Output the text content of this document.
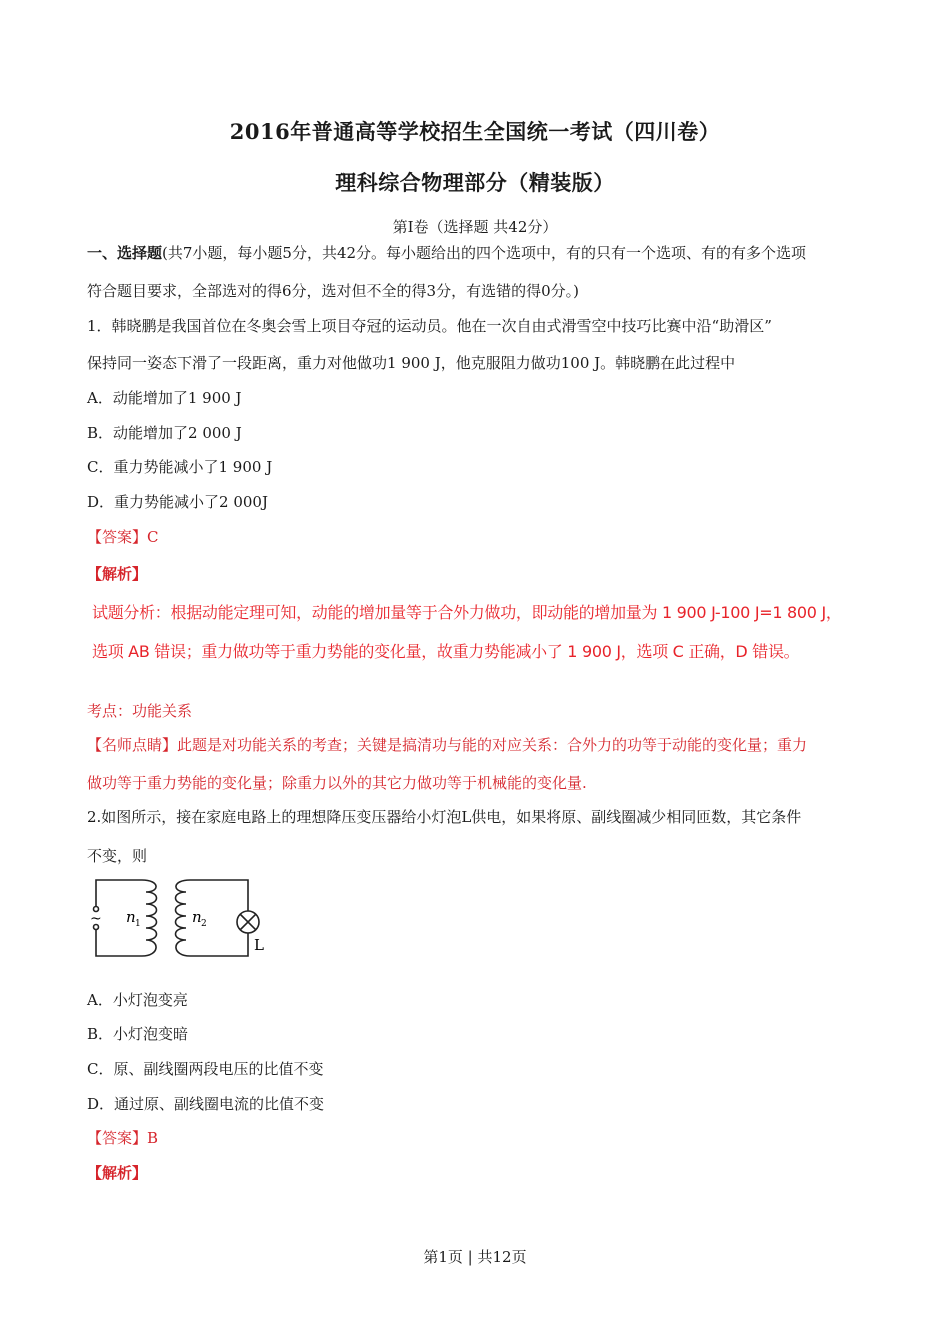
2016年普通高等学校招生全国统一考试（四川卷）
理科综合物理部分（精装版）
第Ⅰ卷（选择题 共42分）
一、选择题(共7小题，每小题5分，共42分。每小题给出的四个选项中，有的只有一个选项、有的有多个选项
符合题目要求，全部选对的得6分，选对但不全的得3分，有选错的得0分。)
1．韩晓鹏是我国首位在冬奥会雪上项目夺冠的运动员。他在一次自由式滑雪空中技巧比赛中沿“助滑区”
保持同一姿态下滑了一段距离，重力对他做功1 900 J，他克服阻力做功100 J。韩晓鹏在此过程中
A．动能增加了1 900 J
B．动能增加了2 000 J
C．重力势能减小了1 900 J
D．重力势能减小了2 000J
【答案】C
【解析】
试题分析：根据动能定理可知，动能的增加量等于合外力做功，即动能的增加量为 1 900 J-100 J=1 800 J，
选项 AB 错误；重力做功等于重力势能的变化量，故重力势能减小了 1 900 J，选项 C 正确，D 错误。
考点：功能关系
【名师点睛】此题是对功能关系的考查；关键是搞清功与能的对应关系：合外力的功等于动能的变化量；重力
做功等于重力势能的变化量；除重力以外的其它力做功等于机械能的变化量.
2.如图所示，接在家庭电路上的理想降压变压器给小灯泡L供电，如果将原、副线圈减少相同匝数，其它条件
不变，则
~ n 1	n 2
L
A．小灯泡变亮
B．小灯泡变暗
C．原、副线圈两段电压的比值不变
D．通过原、副线圈电流的比值不变
【答案】B
【解析】
第1页 | 共12页
